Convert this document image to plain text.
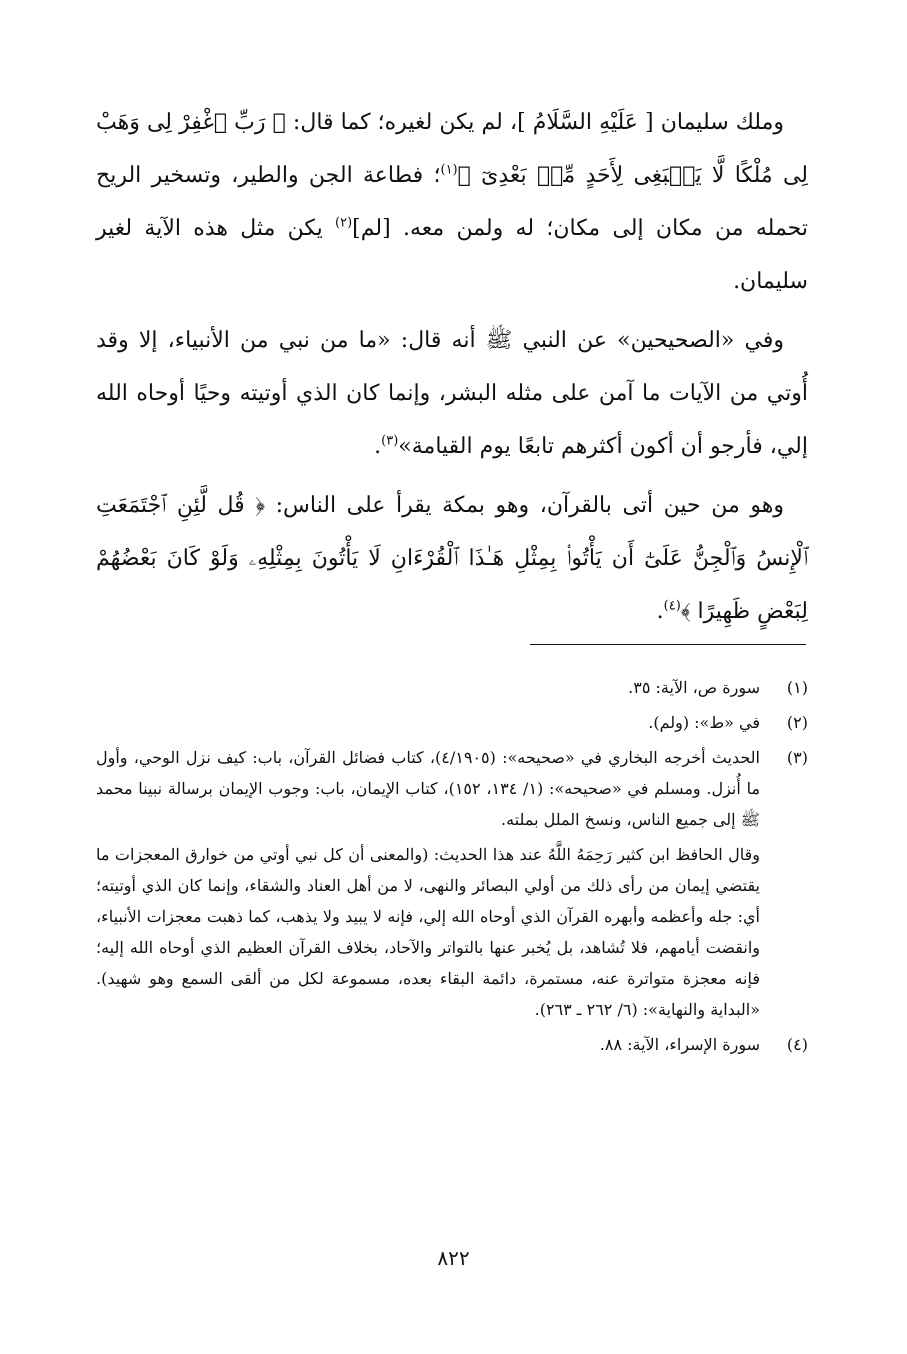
وملك سليمان [ عَلَيْهِ السَّلَامُ ]، لم يكن لغيره؛ كما قال: ﴿ رَبِّ ٱغْفِرْ لِى وَهَبْ لِى مُلْكًا لَّا يَنۢبَغِى لِأَحَدٍ مِّنۢ بَعْدِىٓ ﴾$^{(١)}$؛ فطاعة الجن والطير، وتسخير الريح تحمله من مكان إلى مكان؛ له ولمن معه. [لم]$^{(٢)}$ يكن مثل هذه الآية لغير سليمان.

وفي «الصحيحين» عن النبي ﷺ أنه قال: «ما من نبي من الأنبياء، إلا وقد أُوتي من الآيات ما آمن على مثله البشر، وإنما كان الذي أوتيته وحيًا أوحاه الله إلي، فأرجو أن أكون أكثرهم تابعًا يوم القيامة»$^{(٣)}$.

وهو من حين أتى بالقرآن، وهو بمكة يقرأ على الناس: ﴿ قُل لَّئِنِ ٱجْتَمَعَتِ ٱلْإِنسُ وَٱلْجِنُّ عَلَىٰٓ أَن يَأْتُوا۟ بِمِثْلِ هَـٰذَا ٱلْقُرْءَانِ لَا يَأْتُونَ بِمِثْلِهِۦ وَلَوْ كَانَ بَعْضُهُمْ لِبَعْضٍ ظَهِيرًا ﴾$^{(٤)}$.

(١)

سورة ص، الآية: ٣٥.

(٢)

في «ط»: (ولم).

(٣)

الحديث أخرجه البخاري في «صحيحه»: (٤/١٩٠٥)، كتاب فضائل القرآن، باب: كيف نزل الوحي، وأول ما أُنزل. ومسلم في «صحيحه»: (١/ ١٣٤، ١٥٢)، كتاب الإيمان، باب: وجوب الإيمان برسالة نبينا محمد ﷺ إلى جميع الناس، ونسخ الملل بملته.

وقال الحافظ ابن كثير رَحِمَهُ اللَّهُ عند هذا الحديث: (والمعنى أن كل نبي أوتي من خوارق المعجزات ما يقتضي إيمان من رأى ذلك من أولي البصائر والنهى، لا من أهل العناد والشقاء، وإنما كان الذي أوتيته؛ أي: جله وأعظمه وأبهره القرآن الذي أوحاه الله إلي، فإنه لا يبيد ولا يذهب، كما ذهبت معجزات الأنبياء، وانقضت أيامهم، فلا تُشاهد، بل يُخبر عنها بالتواتر والآحاد، بخلاف القرآن العظيم الذي أوحاه الله إليه؛ فإنه معجزة متواترة عنه، مستمرة، دائمة البقاء بعده، مسموعة لكل من ألقى السمع وهو شهيد). «البداية والنهاية»: (٦/ ٢٦٢ ـ ٢٦٣).

(٤)

سورة الإسراء، الآية: ٨٨.

٨٢٢
